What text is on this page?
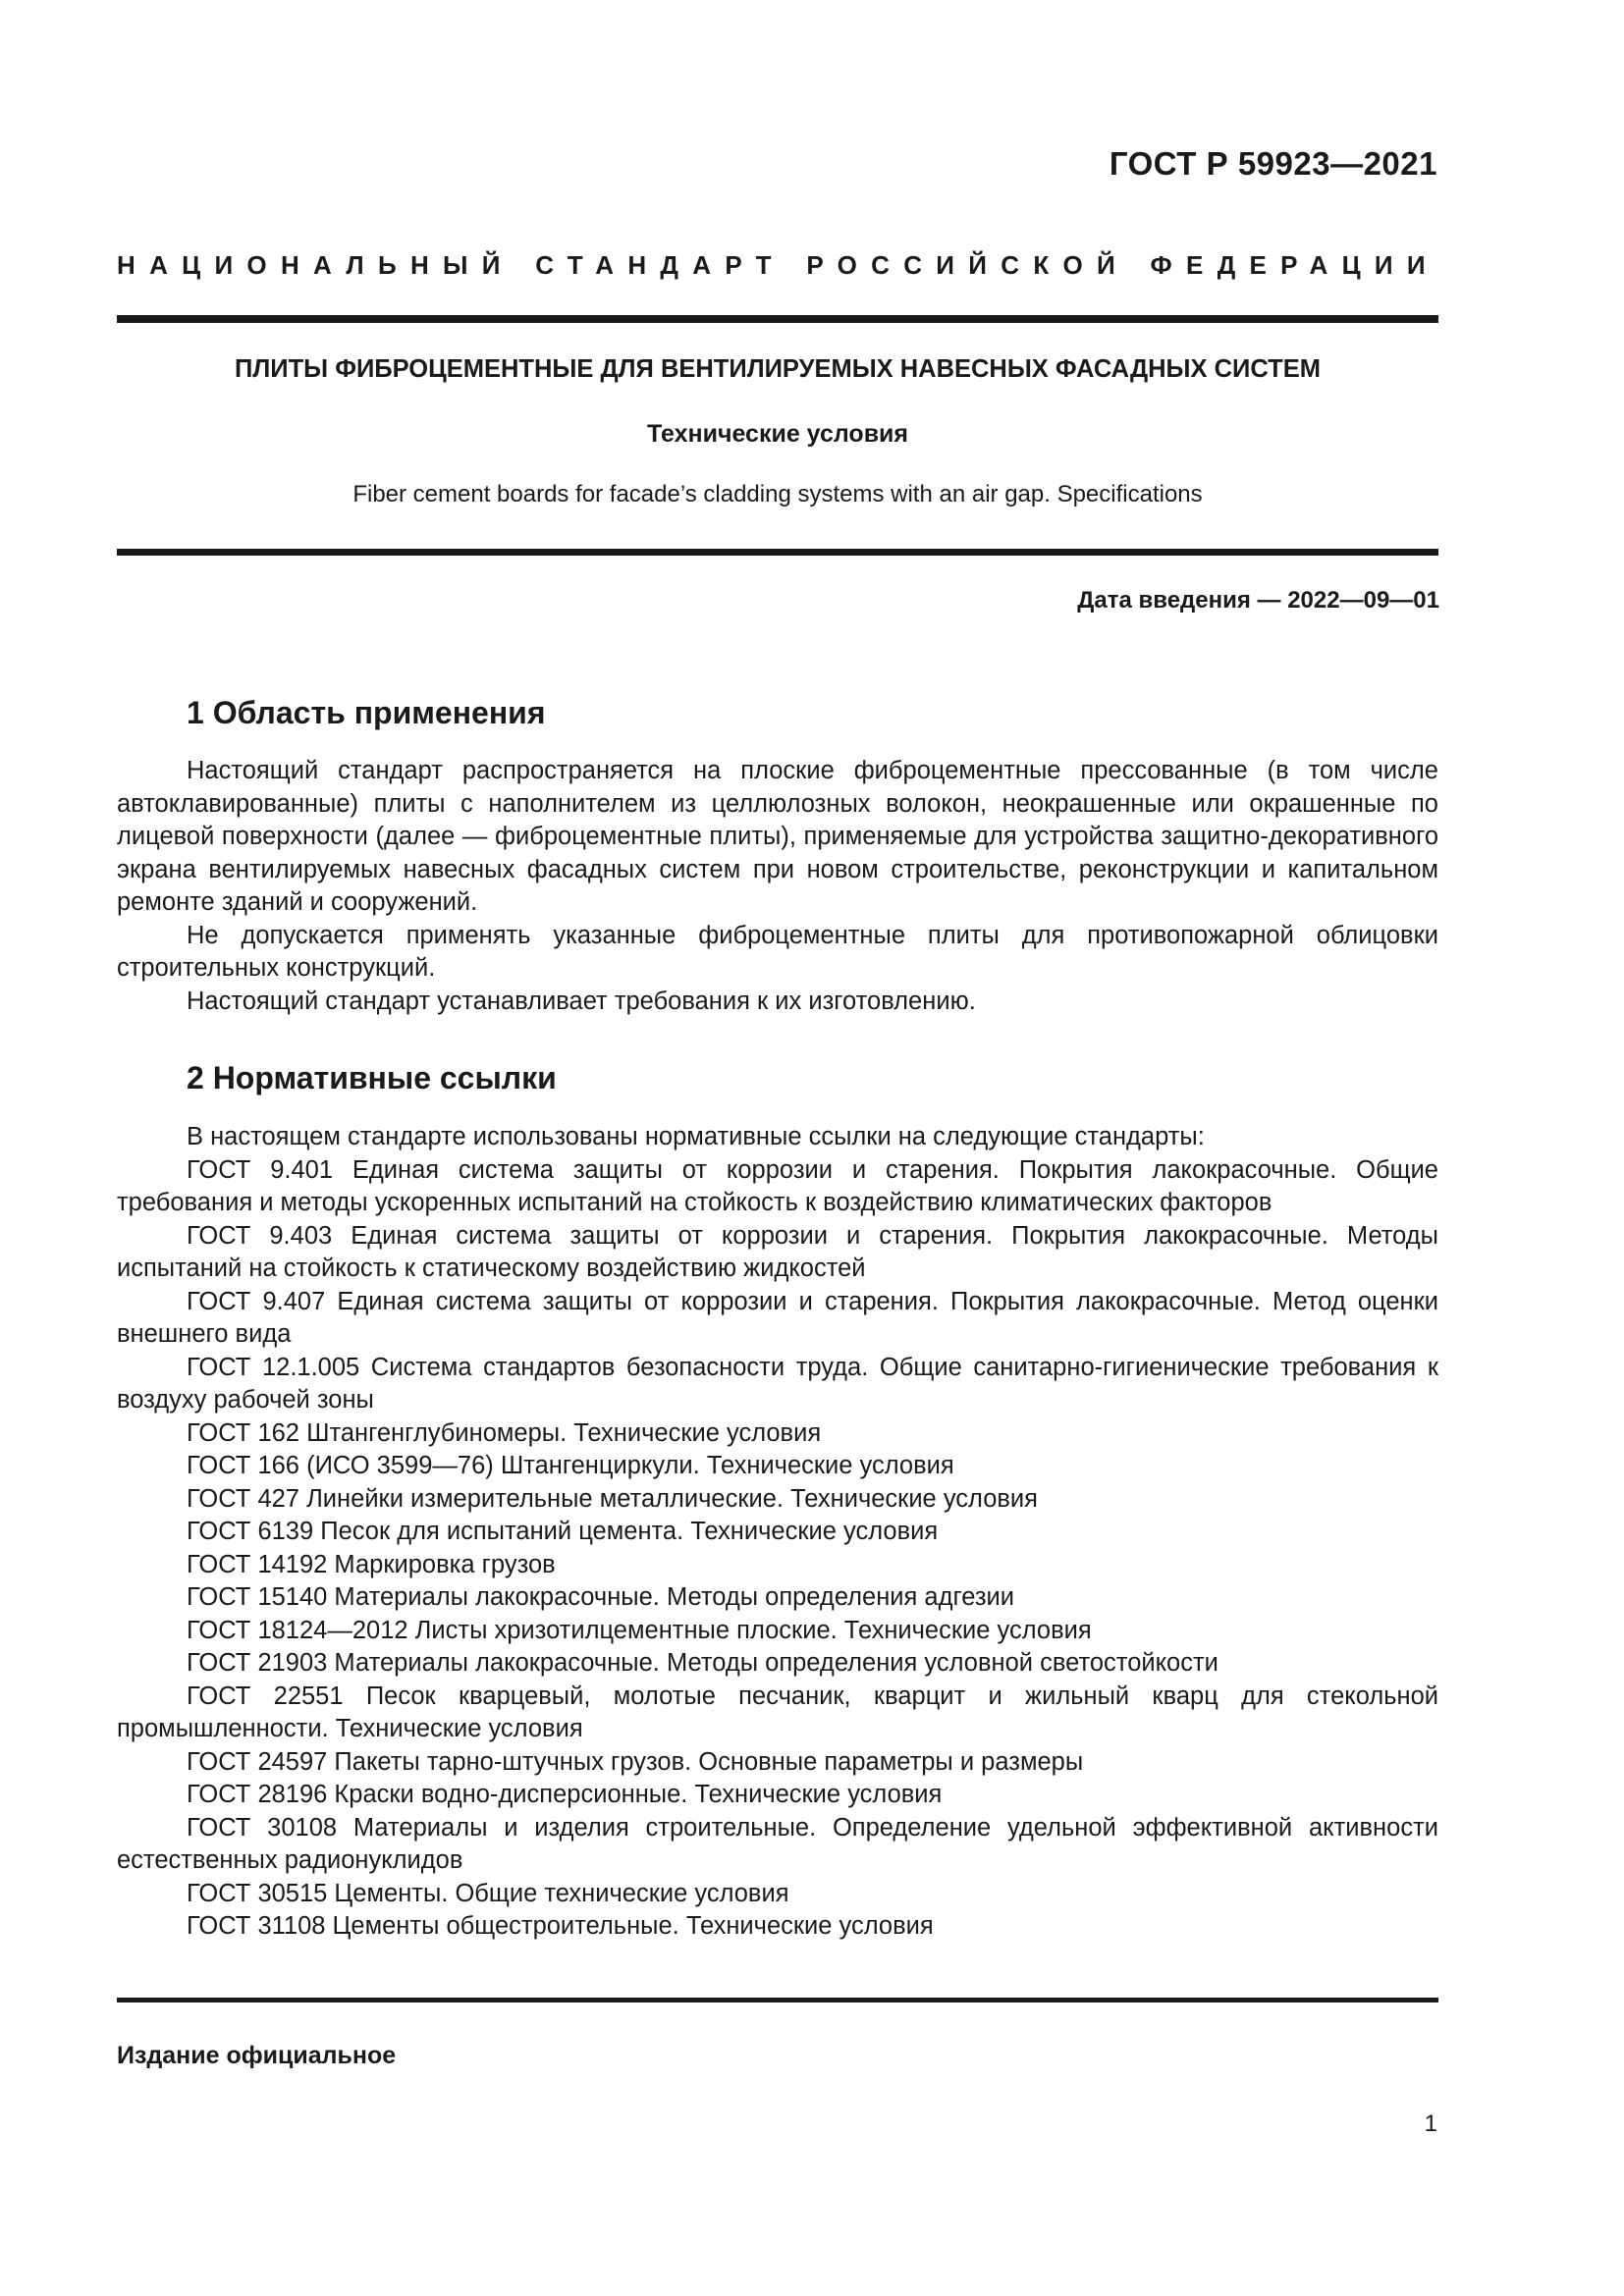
ГОСТ Р 59923—2021
НАЦИОНАЛЬНЫЙ СТАНДАРТ РОССИЙСКОЙ ФЕДЕРАЦИИ
ПЛИТЫ ФИБРОЦЕМЕНТНЫЕ ДЛЯ ВЕНТИЛИРУЕМЫХ НАВЕСНЫХ ФАСАДНЫХ СИСТЕМ
Технические условия
Fiber cement boards for facade’s cladding systems with an air gap. Specifications
Дата введения — 2022—09—01
1 Область применения

Настоящий стандарт распространяется на плоские фиброцементные прессованные (в том числе автоклавированные) плиты с наполнителем из целлюлозных волокон, неокрашенные или окрашенные по лицевой поверхности (далее — фиброцементные плиты), применяемые для устройства защитно-декоративного экрана вентилируемых навесных фасадных систем при новом строительстве, реконструкции и капитальном ремонте зданий и сооружений.

Не допускается применять указанные фиброцементные плиты для противопожарной облицовки строительных конструкций.

Настоящий стандарт устанавливает требования к их изготовлению.

2 Нормативные ссылки

В настоящем стандарте использованы нормативные ссылки на следующие стандарты:

ГОСТ 9.401 Единая система защиты от коррозии и старения. Покрытия лакокрасочные. Общие требования и методы ускоренных испытаний на стойкость к воздействию климатических факторов

ГОСТ 9.403 Единая система защиты от коррозии и старения. Покрытия лакокрасочные. Методы испытаний на стойкость к статическому воздействию жидкостей

ГОСТ 9.407 Единая система защиты от коррозии и старения. Покрытия лакокрасочные. Метод оценки внешнего вида

ГОСТ 12.1.005 Система стандартов безопасности труда. Общие санитарно-гигиенические требования к воздуху рабочей зоны

ГОСТ 162 Штангенглубиномеры. Технические условия

ГОСТ 166 (ИСО 3599—76) Штангенциркули. Технические условия

ГОСТ 427 Линейки измерительные металлические. Технические условия

ГОСТ 6139 Песок для испытаний цемента. Технические условия

ГОСТ 14192 Маркировка грузов

ГОСТ 15140 Материалы лакокрасочные. Методы определения адгезии

ГОСТ 18124—2012 Листы хризотилцементные плоские. Технические условия

ГОСТ 21903 Материалы лакокрасочные. Методы определения условной светостойкости

ГОСТ 22551 Песок кварцевый, молотые песчаник, кварцит и жильный кварц для стекольной промышленности. Технические условия

ГОСТ 24597 Пакеты тарно-штучных грузов. Основные параметры и размеры

ГОСТ 28196 Краски водно-дисперсионные. Технические условия

ГОСТ 30108 Материалы и изделия строительные. Определение удельной эффективной активности естественных радионуклидов

ГОСТ 30515 Цементы. Общие технические условия

ГОСТ 31108 Цементы общестроительные. Технические условия

Издание официальное
1
